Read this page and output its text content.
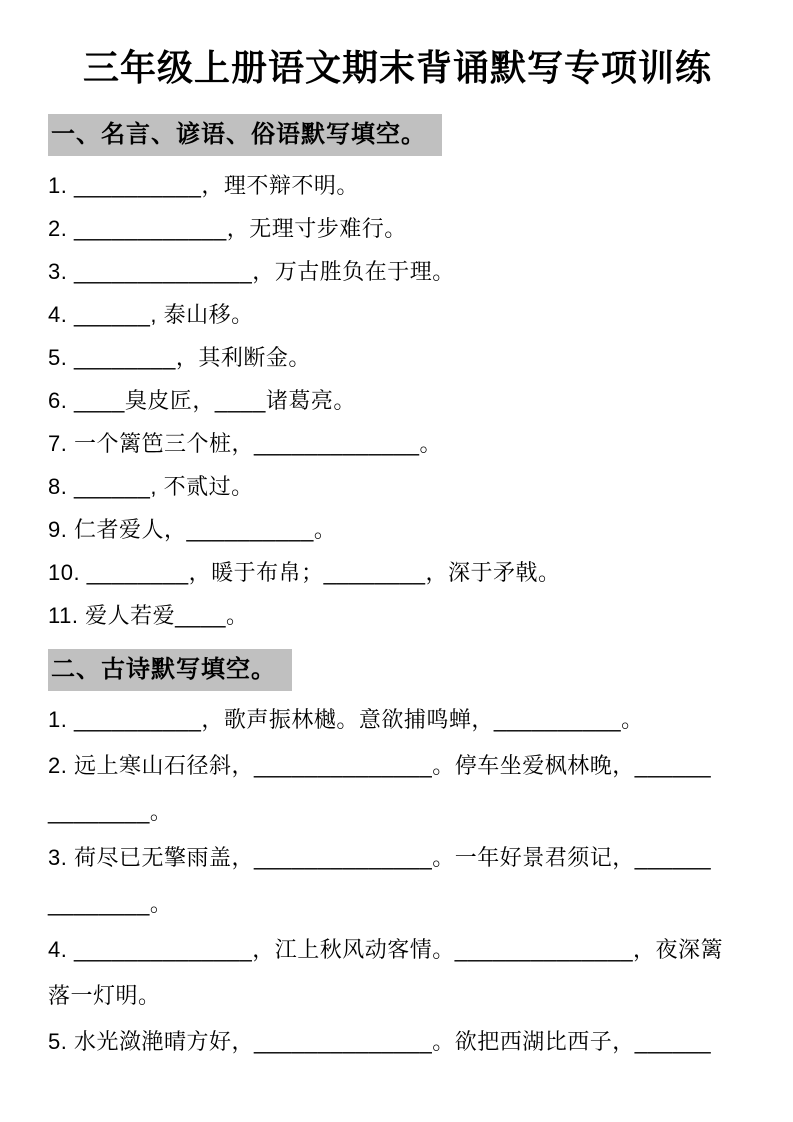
三年级上册语文期末背诵默写专项训练
一、名言、谚语、俗语默写填空。

1. __________，理不辩不明。

2. ____________，无理寸步难行。

3. ______________，万古胜负在于理。

4. ______, 泰山移。

5. ________，其利断金。

6. ____臭皮匠，____诸葛亮。

7. 一个篱笆三个桩，_____________。

8. ______, 不贰过。

9. 仁者爱人，__________。

10. ________，暖于布帛；________，深于矛戟。

11. 爱人若爱____。

二、古诗默写填空。

1. __________，歌声振林樾。意欲捕鸣蝉，__________。

2. 远上寒山石径斜，______________。停车坐爱枫林晚，______
________。

3. 荷尽已无擎雨盖，______________。一年好景君须记，______
________。

4. ______________，江上秋风动客情。______________，夜深篱
落一灯明。

5. 水光潋滟晴方好，______________。欲把西湖比西子，______
